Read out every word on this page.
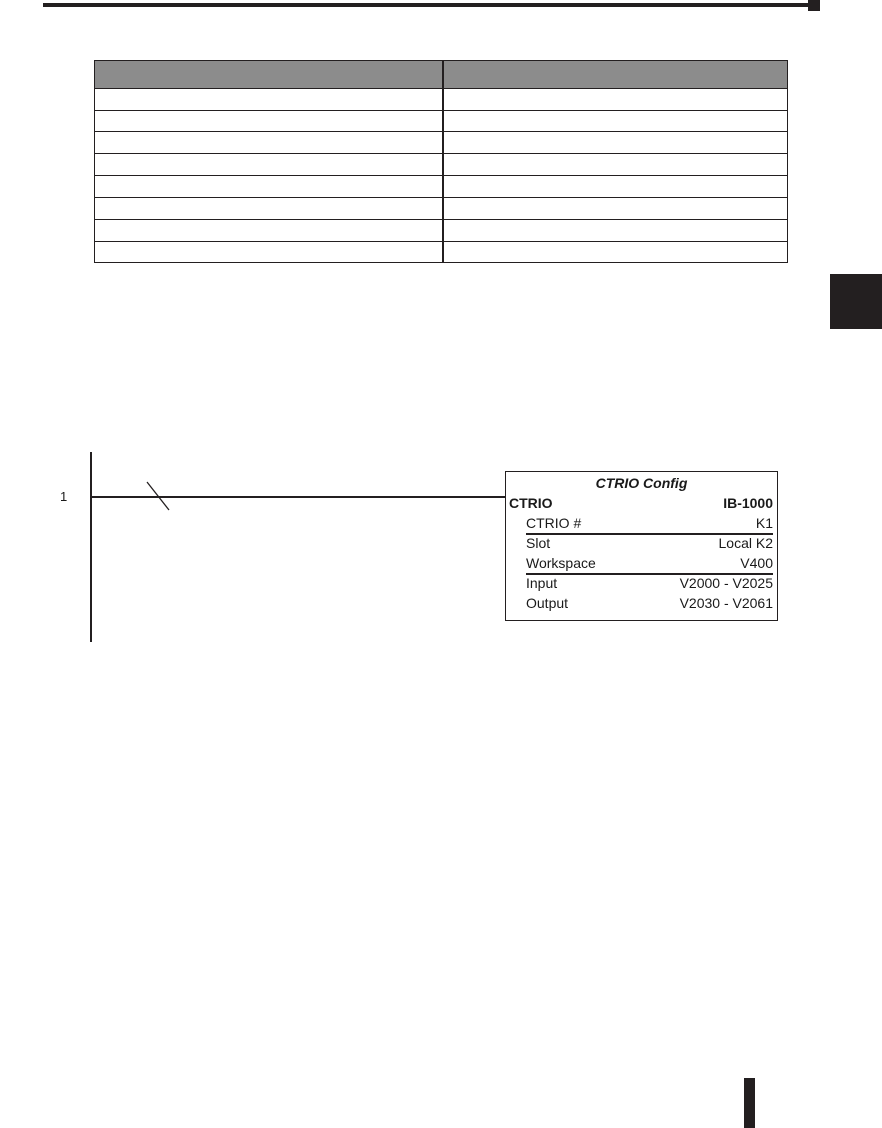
1
CTRIO Config
CTRIO	IB-1000
CTRIO #	K1
Slot	Local K2
Workspace	V400
Input	V2000 - V2025
Output	V2030 - V2061
